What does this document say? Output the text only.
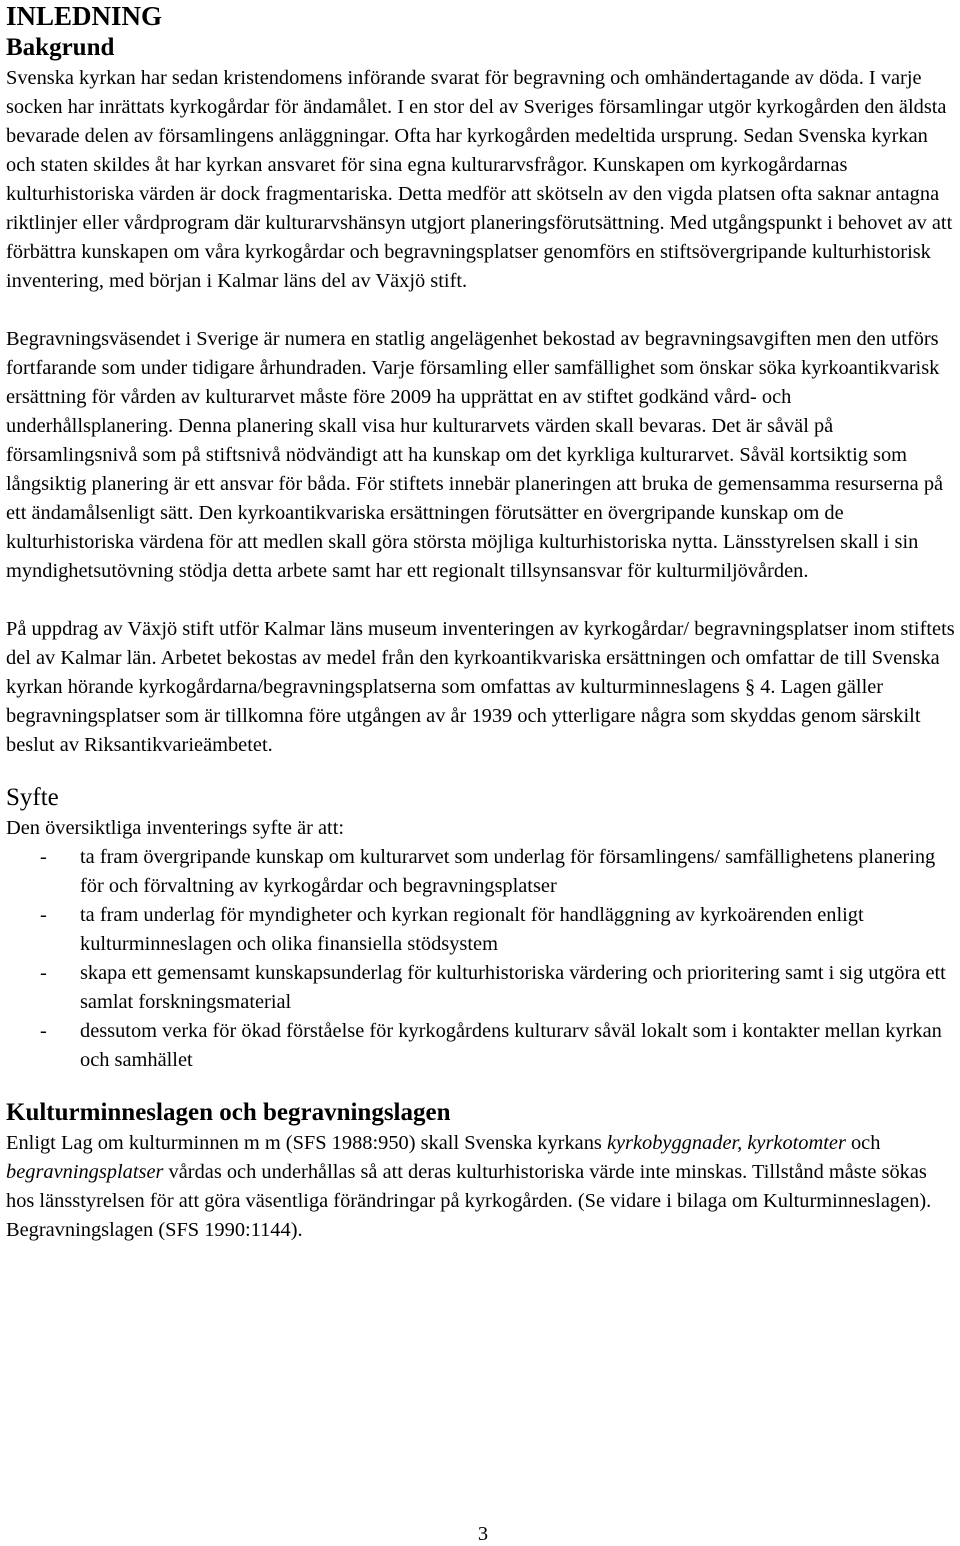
INLEDNING
Bakgrund

Svenska kyrkan har sedan kristendomens införande svarat för begravning och omhändertagande av döda. I varje socken har inrättats kyrkogårdar för ändamålet. I en stor del av Sveriges församlingar utgör kyrkogården den äldsta bevarade delen av församlingens anläggningar. Ofta har kyrkogården medeltida ursprung. Sedan Svenska kyrkan och staten skildes åt har kyrkan ansvaret för sina egna kulturarvsfrågor. Kunskapen om kyrkogårdarnas kulturhistoriska värden är dock fragmentariska. Detta medför att skötseln av den vigda platsen ofta saknar antagna riktlinjer eller vårdprogram där kulturarvshänsyn utgjort planeringsförutsättning. Med utgångspunkt i behovet av att förbättra kunskapen om våra kyrkogårdar och begravningsplatser genomförs en stiftsövergripande kulturhistorisk inventering, med början i Kalmar läns del av Växjö stift.

Begravningsväsendet i Sverige är numera en statlig angelägenhet bekostad av begravningsavgiften men den utförs fortfarande som under tidigare århundraden. Varje församling eller samfällighet som önskar söka kyrkoantikvarisk ersättning för vården av kulturarvet måste före 2009 ha upprättat en av stiftet godkänd vård- och underhållsplanering. Denna planering skall visa hur kulturarvets värden skall bevaras. Det är såväl på församlingsnivå som på stiftsnivå nödvändigt att ha kunskap om det kyrkliga kulturarvet. Såväl kortsiktig som långsiktig planering är ett ansvar för båda. För stiftets innebär planeringen att bruka de gemensamma resurserna på ett ändamålsenligt sätt. Den kyrkoantikvariska ersättningen förutsätter en övergripande kunskap om de kulturhistoriska värdena för att medlen skall göra största möjliga kulturhistoriska nytta. Länsstyrelsen skall i sin myndighetsutövning stödja detta arbete samt har ett regionalt tillsynsansvar för kulturmiljövården.

På uppdrag av Växjö stift utför Kalmar läns museum inventeringen av kyrkogårdar/ begravningsplatser inom stiftets del av Kalmar län. Arbetet bekostas av medel från den kyrkoantikvariska ersättningen och omfattar de till Svenska kyrkan hörande kyrkogårdarna/begravningsplatserna som omfattas av kulturminneslagens § 4. Lagen gäller begravningsplatser som är tillkomna före utgången av år 1939 och ytterligare några som skyddas genom särskilt beslut av Riksantikvarieämbetet.

Syfte

Den översiktliga inventerings syfte är att:

- ta fram övergripande kunskap om kulturarvet som underlag för församlingens/ samfällighetens planering för och förvaltning av kyrkogårdar och begravningsplatser
- ta fram underlag för myndigheter och kyrkan regionalt för handläggning av kyrkoärenden enligt kulturminneslagen och olika finansiella stödsystem
- skapa ett gemensamt kunskapsunderlag för kulturhistoriska värdering och prioritering samt i sig utgöra ett samlat forskningsmaterial
- dessutom verka för ökad förståelse för kyrkogårdens kulturarv såväl lokalt som i kontakter mellan kyrkan och samhället
Kulturminneslagen och begravningslagen

Enligt Lag om kulturminnen m m (SFS 1988:950) skall Svenska kyrkans kyrkobyggnader, kyrkotomter och begravningsplatser vårdas och underhållas så att deras kulturhistoriska värde inte minskas. Tillstånd måste sökas hos länsstyrelsen för att göra väsentliga förändringar på kyrkogården. (Se vidare i bilaga om Kulturminneslagen). Begravningslagen (SFS 1990:1144).

3
